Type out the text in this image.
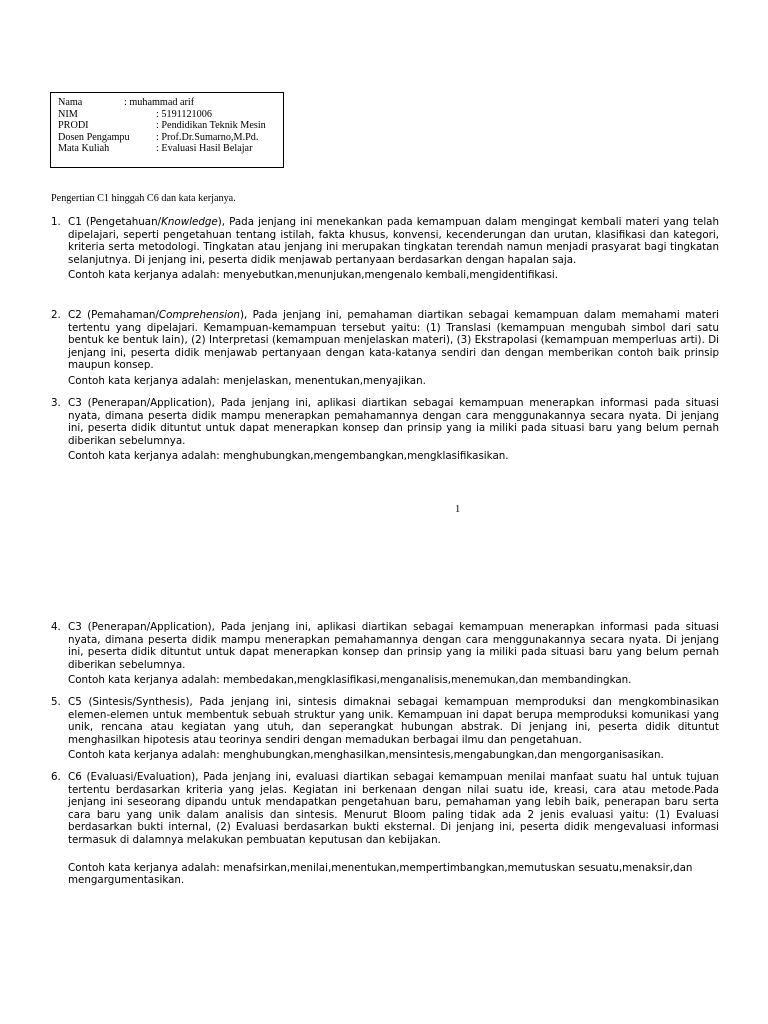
Nama	: muhammad arif
NIM	: 5191121006
PRODI	: Pendidikan Teknik Mesin
Dosen Pengampu	: Prof.Dr.Sumarno,M.Pd.
Mata Kuliah	: Evaluasi Hasil Belajar
Pengertian C1 hinggah C6 dan kata kerjanya.
1. C1 (Pengetahuan/Knowledge), Pada jenjang ini menekankan pada kemampuan dalam mengingat kembali materi yang telah dipelajari, seperti pengetahuan tentang istilah, fakta khusus, konvensi, kecenderungan dan urutan, klasifikasi dan kategori, kriteria serta metodologi. Tingkatan atau jenjang ini merupakan tingkatan terendah namun menjadi prasyarat bagi tingkatan selanjutnya. Di jenjang ini, peserta didik menjawab pertanyaan berdasarkan dengan hapalan saja.

Contoh kata kerjanya adalah: menyebutkan,menunjukan,mengenalo kembali,mengidentifikasi.

2. C2 (Pemahaman/Comprehension), Pada jenjang ini, pemahaman diartikan sebagai kemampuan dalam memahami materi tertentu yang dipelajari. Kemampuan-kemampuan tersebut yaitu: (1) Translasi (kemampuan mengubah simbol dari satu bentuk ke bentuk lain), (2) Interpretasi (kemampuan menjelaskan materi), (3) Ekstrapolasi (kemampuan memperluas arti). Di jenjang ini, peserta didik menjawab pertanyaan dengan kata-katanya sendiri dan dengan memberikan contoh baik prinsip maupun konsep.

Contoh kata kerjanya adalah: menjelaskan, menentukan,menyajikan.

3. C3 (Penerapan/Application), Pada jenjang ini, aplikasi diartikan sebagai kemampuan menerapkan informasi pada situasi nyata, dimana peserta didik mampu menerapkan pemahamannya dengan cara menggunakannya secara nyata. Di jenjang ini, peserta didik dituntut untuk dapat menerapkan konsep dan prinsip yang ia miliki pada situasi baru yang belum pernah diberikan sebelumnya.

Contoh kata kerjanya adalah: menghubungkan,mengembangkan,mengklasifikasikan.

1
4. C3 (Penerapan/Application), Pada jenjang ini, aplikasi diartikan sebagai kemampuan menerapkan informasi pada situasi nyata, dimana peserta didik mampu menerapkan pemahamannya dengan cara menggunakannya secara nyata. Di jenjang ini, peserta didik dituntut untuk dapat menerapkan konsep dan prinsip yang ia miliki pada situasi baru yang belum pernah diberikan sebelumnya.

Contoh kata kerjanya adalah: membedakan,mengklasifikasi,menganalisis,menemukan,dan membandingkan.

5. C5 (Sintesis/Synthesis), Pada jenjang ini, sintesis dimaknai sebagai kemampuan memproduksi dan mengkombinasikan elemen-elemen untuk membentuk sebuah struktur yang unik. Kemampuan ini dapat berupa memproduksi komunikasi yang unik, rencana atau kegiatan yang utuh, dan seperangkat hubungan abstrak. Di jenjang ini, peserta didik dituntut menghasilkan hipotesis atau teorinya sendiri dengan memadukan berbagai ilmu dan pengetahuan.

Contoh kata kerjanya adalah: menghubungkan,menghasilkan,mensintesis,mengabungkan,dan mengorganisasikan.

6. C6 (Evaluasi/Evaluation), Pada jenjang ini, evaluasi diartikan sebagai kemampuan menilai manfaat suatu hal untuk tujuan tertentu berdasarkan kriteria yang jelas. Kegiatan ini berkenaan dengan nilai suatu ide, kreasi, cara atau metode.Pada jenjang ini seseorang dipandu untuk mendapatkan pengetahuan baru, pemahaman yang lebih baik, penerapan baru serta cara baru yang unik dalam analisis dan sintesis. Menurut Bloom paling tidak ada 2 jenis evaluasi yaitu: (1) Evaluasi berdasarkan bukti internal, (2) Evaluasi berdasarkan bukti eksternal. Di jenjang ini, peserta didik mengevaluasi informasi termasuk di dalamnya melakukan pembuatan keputusan dan kebijakan.

Contoh kata kerjanya adalah: menafsirkan,menilai,menentukan,mempertimbangkan,memutuskan sesuatu,menaksir,dan mengargumentasikan.
